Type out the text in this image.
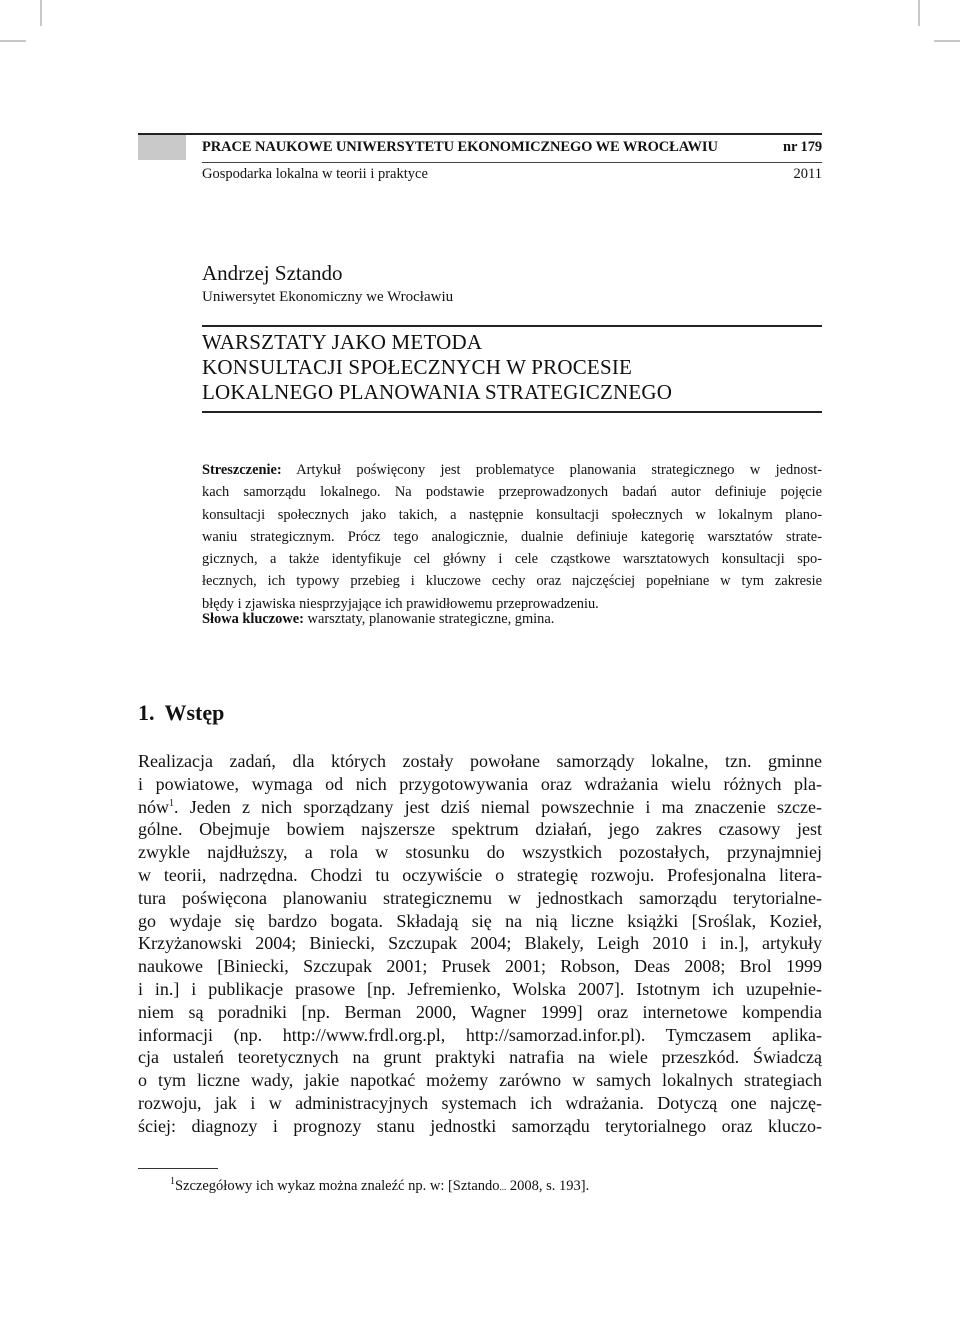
PRACE NAUKOWE UNIWERSYTETU EKONOMICZNEGO WE WROCŁAWIU	nr 179
Gospodarka lokalna w teorii i praktyce	2011
Andrzej Sztando
Uniwersytet Ekonomiczny we Wrocławiu
WARSZTATY JAKO METODA
KONSULTACJI SPOŁECZNYCH W PROCESIE
LOKALNEGO PLANOWANIA STRATEGICZNEGO
Streszczenie: Artykuł poświęcony jest problematyce planowania strategicznego w jednost-
kach samorządu lokalnego. Na podstawie przeprowadzonych badań autor definiuje pojęcie
konsultacji społecznych jako takich, a następnie konsultacji społecznych w lokalnym plano-
waniu strategicznym. Prócz tego analogicznie, dualnie definiuje kategorię warsztatów strate-
gicznych, a także identyfikuje cel główny i cele cząstkowe warsztatowych konsultacji spo-
łecznych, ich typowy przebieg i kluczowe cechy oraz najczęściej popełniane w tym zakresie
błędy i zjawiska niesprzyjające ich prawidłowemu przeprowadzeniu.
Słowa kluczowe: warsztaty, planowanie strategiczne, gmina.
1. Wstęp
Realizacja zadań, dla których zostały powołane samorządy lokalne, tzn. gminne
i powiatowe, wymaga od nich przygotowywania oraz wdrażania wielu różnych pla-
nów$^1$. Jeden z nich sporządzany jest dziś niemal powszechnie i ma znaczenie szcze-
gólne. Obejmuje bowiem najszersze spektrum działań, jego zakres czasowy jest
zwykle najdłuższy, a rola w stosunku do wszystkich pozostałych, przynajmniej
w teorii, nadrzędna. Chodzi tu oczywiście o strategię rozwoju. Profesjonalna litera-
tura poświęcona planowaniu strategicznemu w jednostkach samorządu terytorialne-
go wydaje się bardzo bogata. Składają się na nią liczne książki [Sroślak, Kozieł,
Krzyżanowski 2004; Biniecki, Szczupak 2004; Blakely, Leigh 2010 i in.], artykuły
naukowe [Biniecki, Szczupak 2001; Prusek 2001; Robson, Deas 2008; Brol 1999
i in.] i publikacje prasowe [np. Jefremienko, Wolska 2007]. Istotnym ich uzupełnie-
niem są poradniki [np. Berman 2000, Wagner 1999] oraz internetowe kompendia
informacji (np. http://www.frdl.org.pl, http://samorzad.infor.pl). Tymczasem aplika-
cja ustaleń teoretycznych na grunt praktyki natrafia na wiele przeszkód. Świadczą
o tym liczne wady, jakie napotkać możemy zarówno w samych lokalnych strategiach
rozwoju, jak i w administracyjnych systemach ich wdrażania. Dotyczą one najczę-
ściej: diagnozy i prognozy stanu jednostki samorządu terytorialnego oraz kluczo-
$^1$Szczegółowy ich wykaz można znaleźć np. w: [Sztando... 2008, s. 193].
